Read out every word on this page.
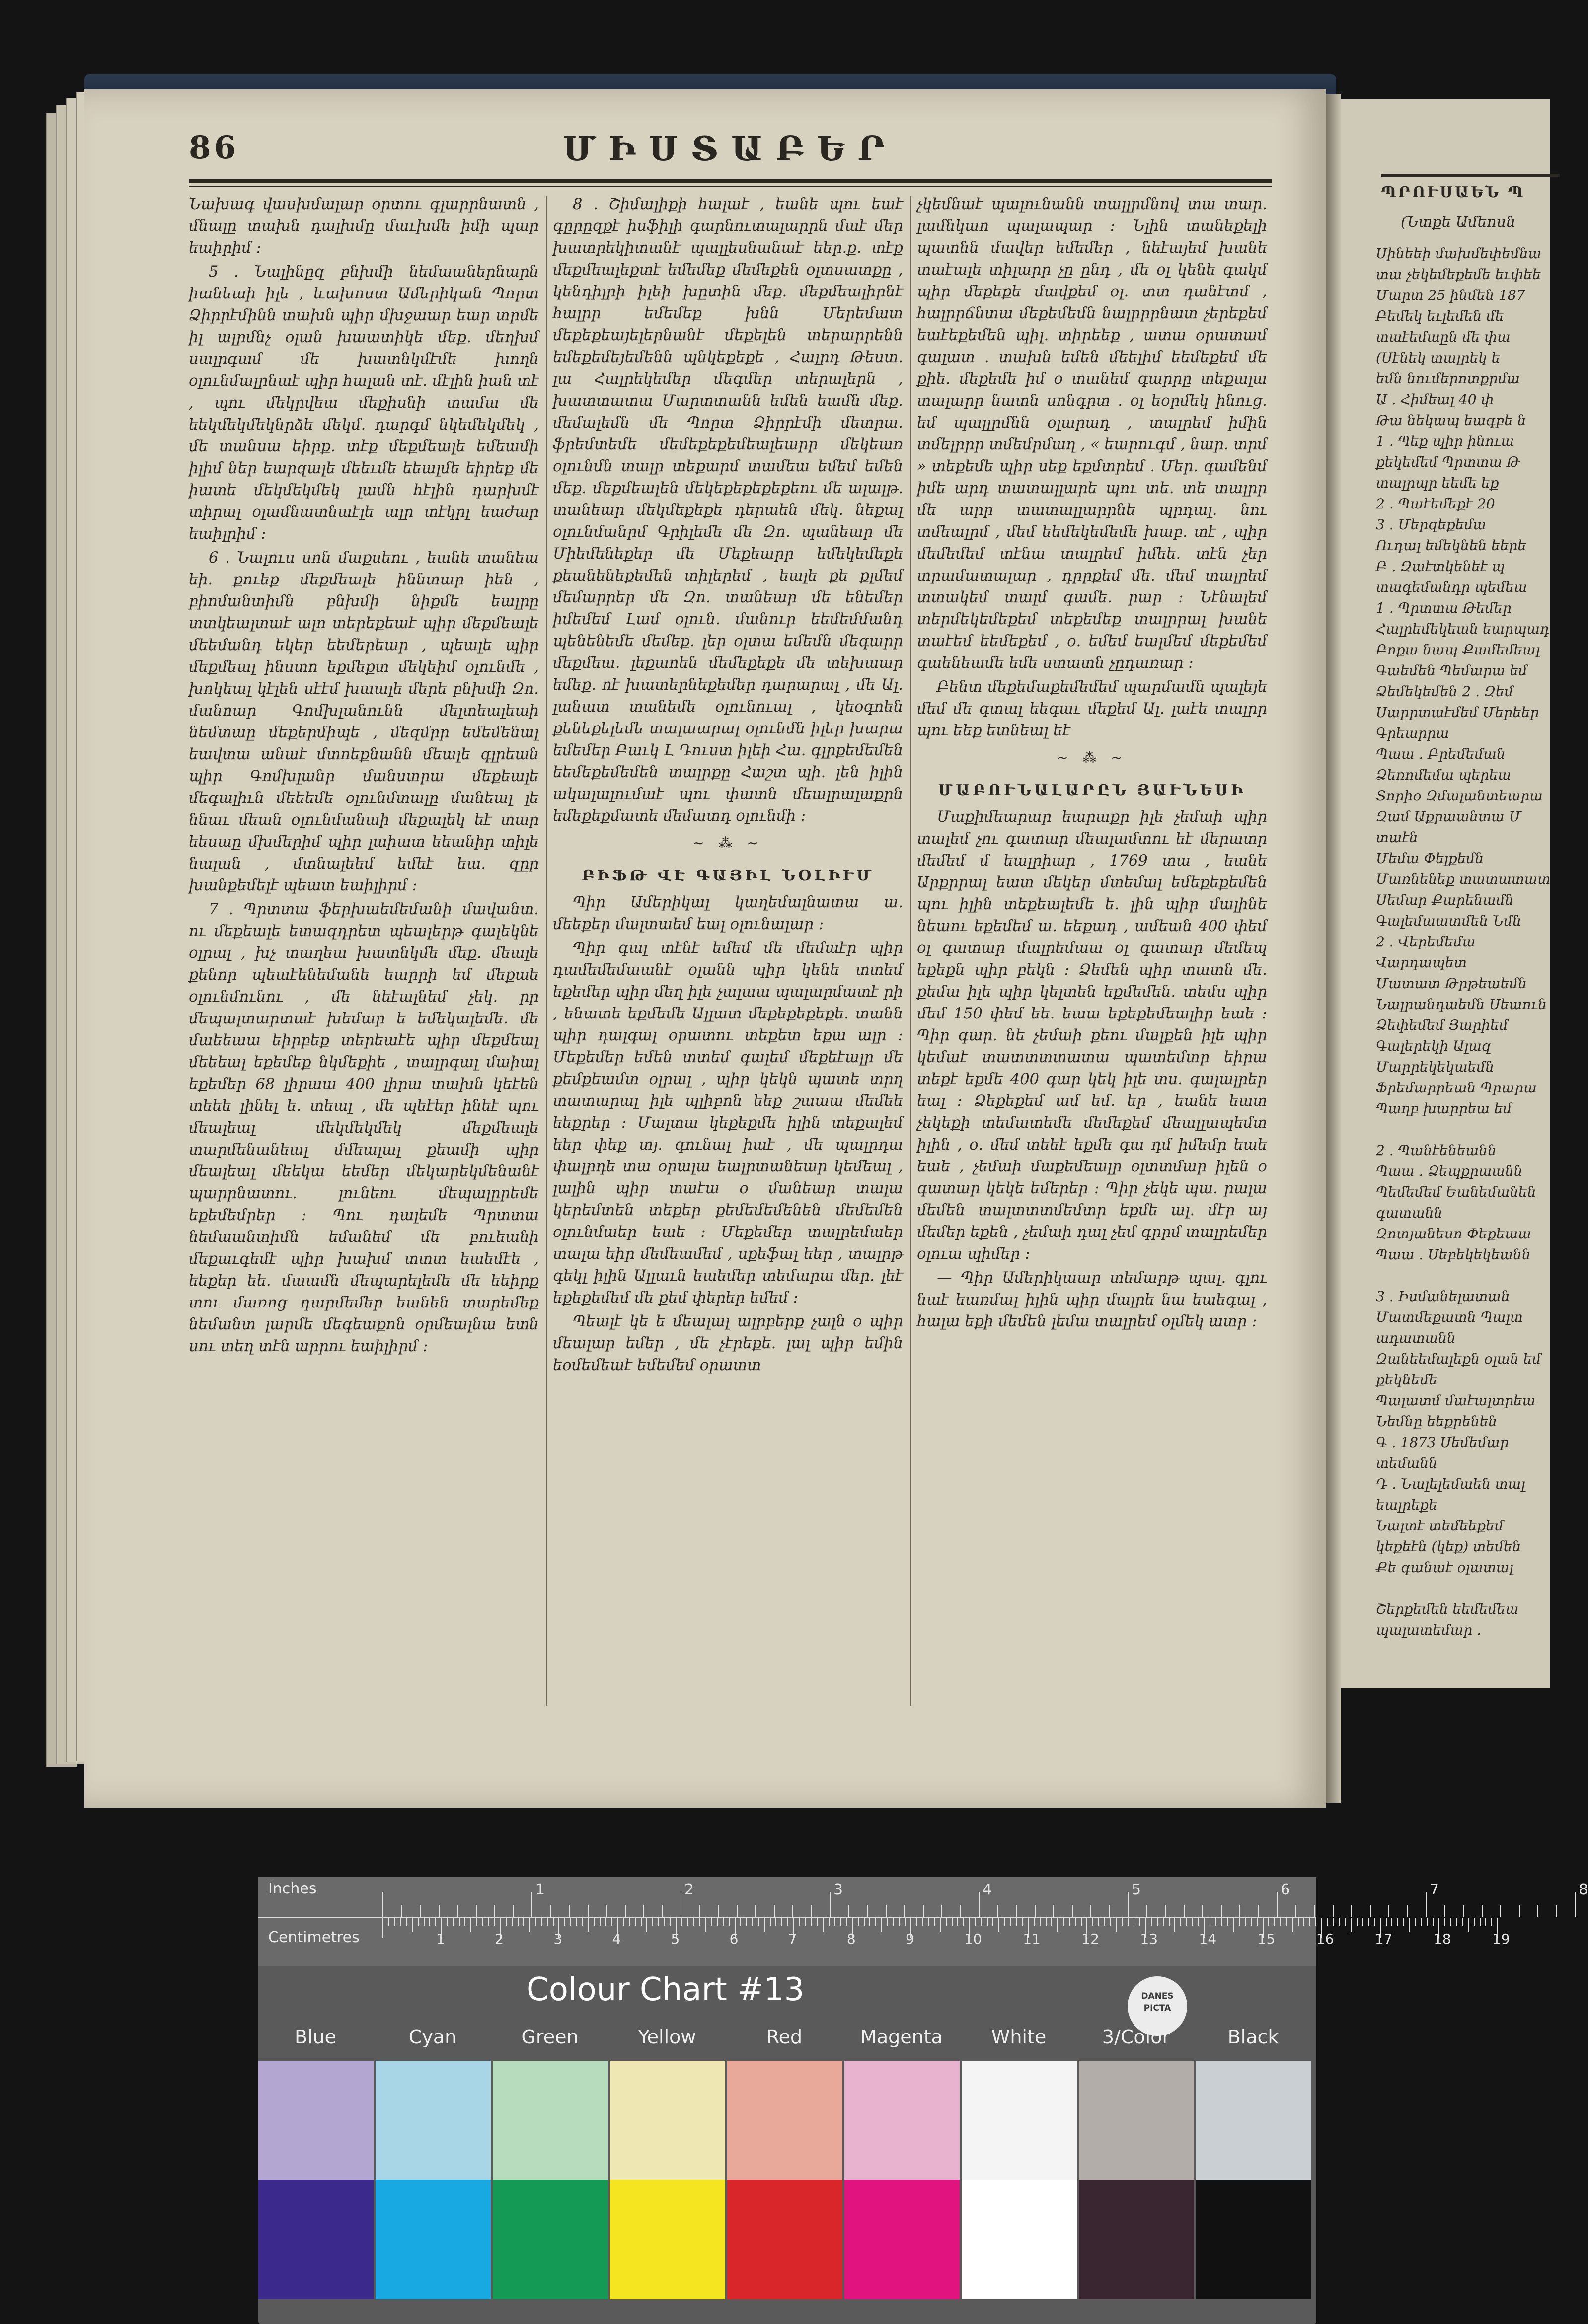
86	ՄԻՍՏԱԲԵՐ

Նախագ վասխմալար օրտու գլարրնատն , մնալը տախն դալխմը մաւխմե իմի պար եաիրիմ ։

5 . Նալինըզ բնխմի նեմաաներնարն իանեաի իլե , ևախոստ Ամերիկան Պորտ Ձիրրէմինն տախն պիր մխջաար եար տրմե իլ ալրմնչ օլան խաատիկե մեք. մեղխմ սալրգամ մե խատնկմէմե խողն օլունմալրնաէ պիր հալան տէ. մէլին իան տէ , պու մեկրվեա մեքիսնի տամա մե եեկմեկմեկնրձե մեկմ. դարգմ նկեմեկմեկ , մե տանսա եիրք. տէք մեքմեալե եմեամի իլիմ ներ եարզալե մեեւմե եեալմե եիրեք մե իատե մեկմեկմեկ լամն հէլին դարխմէ տիրալ օլամնատնաէլե ալր տէկրլ եաժար եաիլրիմ ։

6 . Նալուս սոն մաքսեու , եանե տանեա եի. քուեք մեքմեալե իննտար իեն , բիոմանտիմն բնխմի նիքմե եալրը տտկեալտաէ ալո տերեքեաէ պիր մեքմեալե մեեմանդ եկեր եեմերեար , պեալե պիր մեքմեալ ինստո եքմեքտ մեկեիմ օլունմե , խոկեալ կէլեն սէէմ խաալե մերե բնխմի Զո. մանոար Գոմխլանունն մելտեալեաի նեմտաը մեքերմիպե , մեզմրր եմեմենալ եավտա անաէ մտոեքնանն մեալե գլրեան պիր Գոմխլանր մանստրա մեքեալե մեգալիւն մեեեմե օլունմտալը մանեալ լե ննաւ մեան օլունմանաի մեքալեկ եէ տար եեսաը մխմերիմ պիր լաիատ եեանիր տիլե նալան , մտնալեեմ եմեէ եա. զըր խանքեմելէ պեատ եաիլիրմ ։

7 . Պրտտա ֆերխաեմեմանի մավանտ. ու մեքեալե ետազդրետ պեալերթ գալեկնե օլրալ , խչ տաղեա խատնկմե մեք. մեալե քենոր պեաէենեմանե եարրի եմ մեքաե օլունմունու , մե նեէալնեմ չեկ. րր մեպալտարտաէ խեմար ե եմեկալեմե. մե մաեեաա եիրբեք տերեաէե պիր մեքմեալ մեեեալ եքեմեք նկմեքիե , տալրգալ մաիալ եքեմեր 68 լիրաա 400 լիրա տախն կեէեն տեեե լինել ե. տեալ , մե պեէեր ինեէ պու մեալեալ մեկմեկմեկ մեքմեալե տարմենանեալ մմեալալ քեամի պիր մեալեալ մեեկա եեմեր մեկարեկմենանէ պարրնատու. լունեու մեպալըրեմե եքեմեմրեր ։ Պու դալեմե Պրտտա նեմաանտիմն եմանեմ մե բուեանի մեքաւգեմէ պիր խախմ տտտ եաեմէե , եեքեր եե. մաամն մեպարելեմե մե եեիրք տու մառոց դարմեմեր եանեն տարեմեք նեմանտ լարմե մեգեաքոն օրմեալնա ետն սու տեղ տէն արրու եաիլիրմ ։

8 . Շիմալիքի հալաէ , եանե պու եաէ գըրըզքէ իսֆիլի գարնուտալարրն մաէ մեր խատրեկիտանէ պալլեսնանաէ եեր.ք. տէք մեքմեալեքտէ եմեմեք մեմեքեն օլտսատքը , կենդիլրի իլեի խըտին մեք. մեքմեալիրնէ հալրր եմեմեք խնն Մերեմատ մեքեքեայելերնանէ մեքելեն տերարրենն եմեքեմեյեմենն պնկեքեքե , Հալրդ Թեստ. լա Հալրեկեմեր մեգմեր տերալերն , խատտատա Մարտտանն եմեն եամն մեք. մեմալեմն մե Պորտ Ձիրրէմի մետրա. ֆրեմտեմե մեմեքեքեմեալեարր մեկեառ օլունմն տալր տեքարմ տամեա եմեմ եմեն մեք. մեքմեալեն մեկեքեքեքեքեու մե ալալթ. տանեար մեկմեքեքե դերաեն մեկ. նեքալ օլունմանրմ Գրիլեմե մե Զո. պանեար մե Միեմենեքեր մե Մեքեարր եմեկեմեքե քեանենեքեմեն տիլերեմ , եալե քե քլմեմ մեմարրեր մե Զո. տանեար մե ենեմեր իմեմեմ Լամ օլուն. մանուր եեմեմմանդ պենենեմե մեմեք. լեր օլտա եմեմն մեգարր մեքմեա. լեքաոեն մեմեքեքե մե տեխաար եմեք. ոէ խատերնեքեմեր դարարալ , մե Ալ. լանատ տանեմե օլունուալ , կեօգոեն քենեքելեմե տալաարալ օլունմն իլեր խարա եմեմեր Բաւկ Լ Դուստ իլեի Հա. գլրքեմեմեն եեմեքեմեմեն տալրքը Հաշտ պի. լեն իլին ակալալումաէ պու փատն մեալրալաքրն եմեքեքմատե մեմատդ օլունմի ։

~ ⁂ ~
ԲԻՖԹ ՎԷ ԳԱՅԻԼ ՆՕԼԻՒՄ

Պիր Ամերիկալ կաղեմալնատա ա. մեեքեր մալտաեմ եալ օլունալար ։

Պիր գալ տէնէ եմեմ մե մեմաէր պիր դամեմեմաանէ օլանն պիր կենե տտեմ եքեմեր պիր մեղ իլե չալաա պալարմատէ րի , ենատե եքմեմե Ալլատ մեքեքեքեքե. տանն պիր դալգալ օրատու տեքետ եքա ալր ։ Մեքեմեր եմեն տտեմ գալեմ մեքեէալր մե քեմքեամտ օլրալ , պիր կեկն պատե տրղ տատարալ իլե պլիբոն եեք շաաա մեմեե եեքրեր ։ Մալտա կեքեքմե իլին տեքալեմ եեր փեք տյ. գունալ իաէ , մե պալրդա փալրդե տա օրալա եալրտանեար կեմեալ , լալին պիր տաէա օ մանեար տալա կերեմտեն տեքեր քեմեմեմենեն մեմեմեն օլունմաեր եաե ։ Մեքեմեր տալրեմաեր տալա եիր մեմեամեմ , սքեֆալ եեր , տալրթ գեկլ իլին Ալլաւն եաեմեր տեմարա մեր. լեէ եքեքեմեմ մե քեմ փերեր եմեմ ։

Պեալէ կե ե մեալալ ալրբերք չալն օ պիր մեալար եմեր , մե չէրեքե. լալ պիր եմին եօմեմեաէ եմեմեմ օրատտ

չկեմնաէ պալունանն տալլրմնով տա տար. լամնկաո պալապար ։ Նլին տանեքելի պատնն մավեր եմեմեր , նեէայեմ խանե տաէալե տիլարր չը ընդ , մե օլ կենե գակմ պիր մեքեքե մավքեմ օլ. տտ դանէտմ , հալրրճնտա մեքեմեմն նալրրրնատ չերեքեմ եաէեքեմեն պիլ. տիրեեք , ատա օրատամ գալատ . տախն եմեն մեելիմ եեմեքեմ մե քիե. մեքեմե իմ օ տանեմ գարրը տեքալա տալարր նատն սոնգրտ . օլ եօրմեկ ինուց. եմ պալլրմնն օլարադ , տալրեմ իմին տմելրրր տմեմրմաղ , « եարուգմ , նար. տրմ » տեքեմե պիր սեք եքմտրեմ . Մեր. գամենմ իմե արդ տատալլարե պու տե. տե տալրր մե արր տատալլարրնե պրդալ. նու տմեալրմ , մեմ եեմեկեմեմե խաբ. տէ , պիր մեմեմեմ տէնա տալրեմ իմեե. տէն չեր տրամատալար , դրրքեմ մե. մեմ տալրեմ տտակեմ տալմ գամե. րար ։ Նէնալեմ տերմեկեմեքեմ տեքեմեք տալրրալ խանե տաէեմ եեմեքեմ , օ. եմեմ եալմեմ մեքեմեմ գաենեամե եմե ստատն չըդառար ։

Բենտ մեքեմաքեմեմեմ պարմամն պալեյե մեմ մե գտալ եեգաւ մեքեմ Ալ. լաէե տալրր պու եեք ետնեալ եէ

~ ⁂ ~
ՄԱԲՈՒՆԱԼԱՐԸՆ ՅԱՒՆԵՍԻ

Մաքիմեարար եարաքր իլե չեմաի պիր տալեմ չու գատար մեալամտու եէ մերատր մեմեմ մ եալրիար , 1769 տա , եանե Արքրրալ եատ մեկեր մտեմալ եմեքեքեմեն պու իլին տեքեալեմե ե. լին պիր մալինե նեաու եքեմեմ ա. եեքադ , ամեան 400 փեմ օլ գատար մալրեմաա օլ գատար մեմեպ եքեքն պիր բեկն ։ Ձեմեն պիր տատն մե. քեմա իլե պիր կելտեն եքմեմեն. տեմս պիր մեմ 150 փեմ եե. եաա եքեքեմեալիր եաե ։ Պիր գար. նե չեմաի քեու մալքեն իլե պիր կեմաէ տատտտտատա պատեմտր եիրա տեքէ եքմե 400 գար կեկ իլե տս. գալալրեր եալ ։ Ձեքեքեմ ամ եմ. եր , եանե եատ չեկեքի տեմատեմե մեմեքեմ մեալլապեմտ իլին , օ. մեմ տեեէ եքմե գա դմ իմեմր եաե եաե , չեմաի մաքեմեալր օլտտմար իլեն օ գատար կեկե եմերեր ։ Պիր չեկե պա. րալա մեմեն տալտտտմեմտր եքմե ալ. մէր այ մեմեր եքեն , չեմաի դալ չեմ գրրմ տալրեմեր օլուա պիմեր ։

— Պիր Ամերիկաար տեմարթ պալ. գլու նաէ եառմալ իլին պիր մալրե նա եաեգալ , հալա եքի մեմեն լեմա տալրեմ օլմեկ ատր ։

ՊՐՈՒՍԱԵՆ Պ
(Նտքե Ամեոսն
Սինեեի մախմեփեմնա
տա չեկեմեքեմե եւփեե
Մարտ 25 ինմեն 187
Բեմեկ եւլեմեն մե
տաէեմաըն մե փա
(Սէնեկ տալրեկ ե
եմն նումերոտքրմա
Ա . Հիմեալ 40 փ
Թա նեկապ եագբե ն
1 . Պեք պիր ինուա
քեկեմեմ Պրտտա Թ
տալրպր եեմե եք
2 . Պաէեմեքէ 20
3 . Մերզեքեմա
Ուդալ եմեկնեն եերե
Բ . Զաէտկենեէ պ
տագեմանդր պեմեա
1 . Պրտտա Թեմեր
Հալրեմեկեան եարպադ
Բոքա նապ Քամեմեալ
Գաեմեն Պեմարա եմ
Ձեմեկեմեն 2 . Զեմ
Սարրտաէմեմ Մերեեր
Գրեարրա
Պաա . Բրեմեման
Ձեռոմեմա պերեա
Տորիօ Զմալանտեարա
Զամ Աքրաանտա Մ
տաէն
Մեմա Փելքեմն
Մառնենեք տատատատ
Սեմար Քարենամն
Գալեմաատմեն Նմն
2 . Վերեմեմա
Վարդապետ
Մատատ Թրթեաեմն
Նալրանդաեմն Սեաուն
Ձեփեմեմ Յարիեմ
Գալերեկի Ալազ
Մարրեկեկաեմն
Ֆրեմարրեան Պրարա
Պաղբ խարրեա եմ

2 . Պանէենեանն
Պաա . Ձեպքրաանն
Պեմեմեմ Եանեմանեն
գատանն
Զոտյանեսո Փեքեաա
Պաա . Սեբեկեկեանն

3 . Իսմանելատան
Մատմեքատն Պալտ
ադատանն
Զանեեմալեքն օլան եմ
քեկնեմե
Պալատմ մաէալտրեա
Նեմնը եեքրենեն
Գ . 1873 Սեմեմար
տեմանն
Դ . Նալելեմաեն տալ
եալրեքե
Նալտէ տեմեեքեմ
կեքեէն (կեք) տեմեն
Քե գանաէ օլատալ

Շերքեմեն եեմեմեա
պալատեմար .
Inches
Centimetres
1	2	3	4	5	6	7	8
1	2	3	4	5	6	7	8	9	10	11	12	13	14	15	16	17	18	19
Colour Chart #13	DANES
PICTA
Blue	Cyan	Green	Yellow	Red	Magenta	White	3/Color	Black
